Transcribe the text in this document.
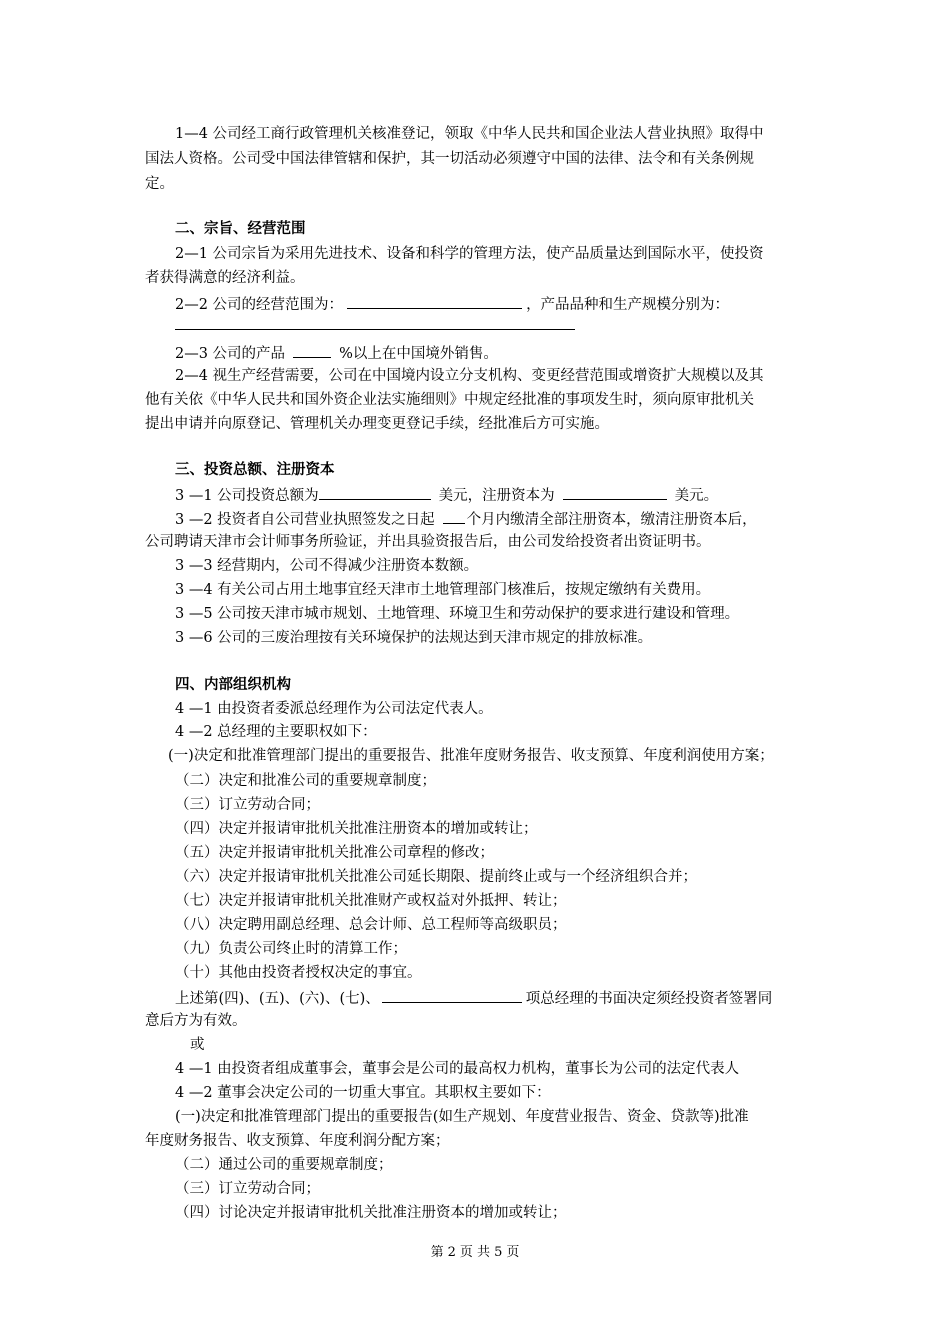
1—4 公司经工商行政管理机关核准登记，领取《中华人民共和国企业法人营业执照》取得中
国法人资格。公司受中国法律管辖和保护，其一切活动必须遵守中国的法律、法令和有关条例规
定。
二、宗旨、经营范围
2—1 公司宗旨为采用先进技术、设备和科学的管理方法，使产品质量达到国际水平，使投资
者获得满意的经济利益。
2—2 公司的经营范围为：	，产品品种和生产规模分别为：
2—3 公司的产品	%以上在中国境外销售。
2—4 视生产经营需要，公司在中国境内设立分支机构、变更经营范围或增资扩大规模以及其
他有关依《中华人民共和国外资企业法实施细则》中规定经批准的事项发生时，须向原审批机关
提出申请并向原登记、管理机关办理变更登记手续，经批准后方可实施。
三、投资总额、注册资本
3 —1 公司投资总额为	美元，注册资本为	美元。
3 —2 投资者自公司营业执照签发之日起 个月内缴清全部注册资本，缴清注册资本后，
公司聘请天津市会计师事务所验证，并出具验资报告后，由公司发给投资者出资证明书。
3 —3 经营期内，公司不得减少注册资本数额。
3 —4 有关公司占用土地事宜经天津市土地管理部门核准后，按规定缴纳有关费用。
3 —5 公司按天津市城市规划、土地管理、环境卫生和劳动保护的要求进行建设和管理。
3 —6 公司的三废治理按有关环境保护的法规达到天津市规定的排放标准。
四、内部组织机构
4 —1 由投资者委派总经理作为公司法定代表人。
4 —2 总经理的主要职权如下：
(一)决定和批准管理部门提出的重要报告、批准年度财务报告、收支预算、年度利润使用方案；
（二）决定和批准公司的重要规章制度；
（三）订立劳动合同；
（四）决定并报请审批机关批准注册资本的增加或转让；
（五）决定并报请审批机关批准公司章程的修改；
（六）决定并报请审批机关批准公司延长期限、提前终止或与一个经济组织合并；
（七）决定并报请审批机关批准财产或权益对外抵押、转让；
（八）决定聘用副总经理、总会计师、总工程师等高级职员；
（九）负责公司终止时的清算工作；
（十）其他由投资者授权决定的事宜。
上述第(四)、(五)、(六)、(七)、	项总经理的书面决定须经投资者签署同
意后方为有效。
或
4 —1 由投资者组成董事会，董事会是公司的最高权力机构，董事长为公司的法定代表人
4 —2 董事会决定公司的一切重大事宜。其职权主要如下：
(一)决定和批准管理部门提出的重要报告(如生产规划、年度营业报告、资金、贷款等)批准
年度财务报告、收支预算、年度利润分配方案；
（二）通过公司的重要规章制度；
（三）订立劳动合同；
（四）讨论决定并报请审批机关批准注册资本的增加或转让；
第 2 页 共 5 页
